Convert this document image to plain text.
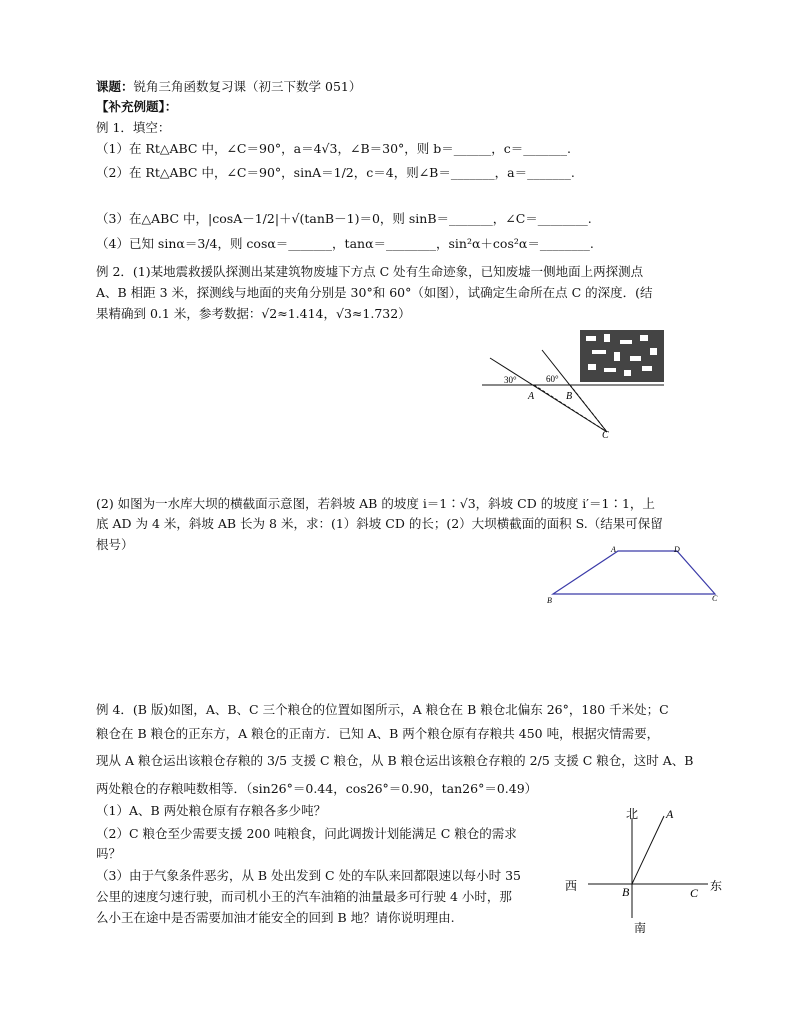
课题：锐角三角函数复习课（初三下数学 051）
【补充例题】：
例 1．填空：
（1）在 Rt△ABC 中，∠C＝90°，a＝4√3，∠B＝30°，则 b＝______，c＝_______.
（2）在 Rt△ABC 中，∠C＝90°，sinA＝1/2，c＝4，则∠B＝_______，a＝_______.
（3）在△ABC 中，|cosA－1/2|＋√(tanB－1)＝0，则 sinB＝_______，∠C＝________.
（4）已知 sinα＝3/4，则 cosα＝_______，tanα＝________，sin²α＋cos²α＝________.
例 2．(1)某地震救援队探测出某建筑物废墟下方点 C 处有生命迹象，已知废墟一侧地面上两探测点
A、B 相距 3 米，探测线与地面的夹角分别是 30°和 60°（如图），试确定生命所在点 C 的深度．(结
果精确到 0.1 米，参考数据：√2≈1.414，√3≈1.732）
30°	60°
A	B
C
(2) 如图为一水库大坝的横截面示意图，若斜坡 AB 的坡度 i＝1∶√3，斜坡 CD 的坡度 i′＝1∶1，上
底 AD 为 4 米，斜坡 AB 长为 8 米，求：(1）斜坡 CD 的长；(2）大坝横截面的面积 S.（结果可保留
根号）	A	D
B	C
例 4．(B 版)如图，A、B、C 三个粮仓的位置如图所示，A 粮仓在 B 粮仓北偏东 26°，180 千米处；C
粮仓在 B 粮仓的正东方，A 粮仓的正南方．已知 A、B 两个粮仓原有存粮共 450 吨，根据灾情需要，
现从 A 粮仓运出该粮仓存粮的 3/5 支援 C 粮仓，从 B 粮仓运出该粮仓存粮的 2/5 支援 C 粮仓，这时 A、B
两处粮仓的存粮吨数相等．（sin26°＝0.44，cos26°＝0.90，tan26°＝0.49）
（1）A、B 两处粮仓原有存粮各多少吨？
（2）C 粮仓至少需要支援 200 吨粮食，问此调拨计划能满足 C 粮仓的需求
吗？
（3）由于气象条件恶劣，从 B 处出发到 C 处的车队来回都限速以每小时 35
公里的速度匀速行驶，而司机小王的汽车油箱的油量最多可行驶 4 小时，那
么小王在途中是否需要加油才能安全的回到 B 地？请你说明理由.
北 A
西	B	C 东
南
